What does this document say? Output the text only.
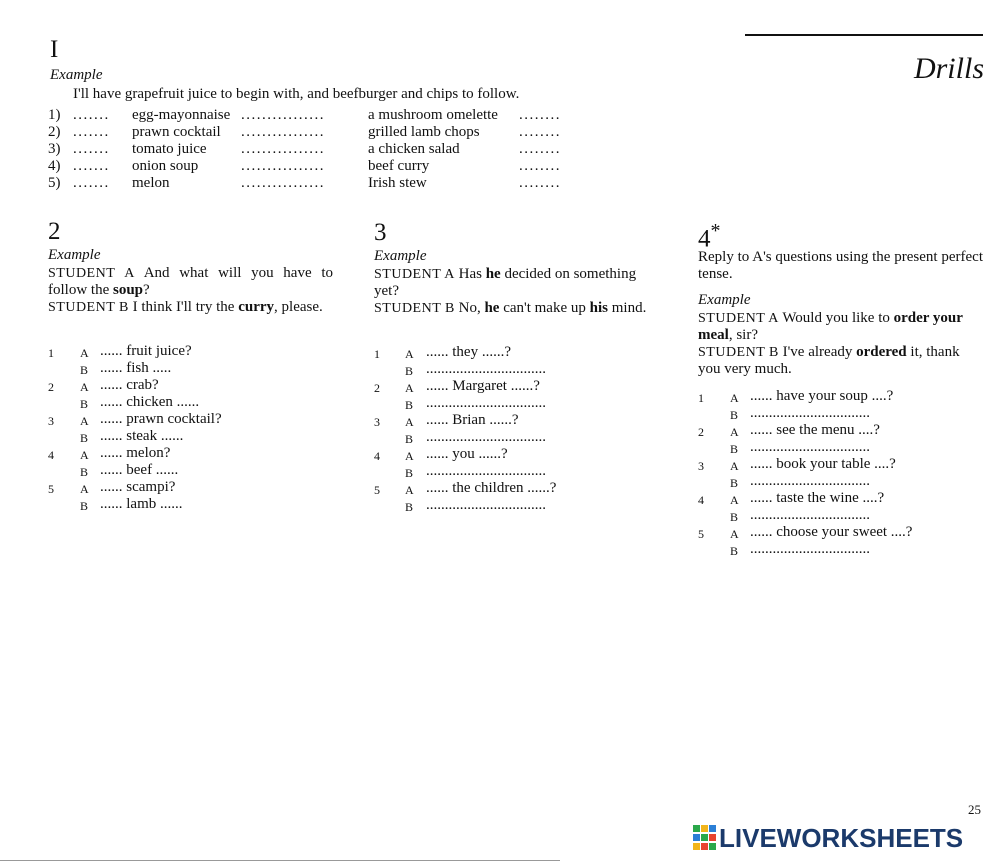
Drills
I
Example
I'll have grapefruit juice to begin with, and beefburger and chips to follow.
1) ....... egg-mayonnaise ................	a mushroom omelette ........
2) ....... prawn cocktail ................	grilled lamb chops	........
3) ....... tomato juice ................	a chicken salad	........
4) ....... onion soup	................	beef curry	........
5) ....... melon	................	Irish stew	........
2
Example
STUDENT A And what will you have to follow the soup?
STUDENT B I think I'll try the curry, please.
1 A ...... fruit juice?
B ...... fish .....
2 A ...... crab?
B ...... chicken ......
3 A ...... prawn cocktail?
B ...... steak ......
4 A ...... melon?
B ...... beef ......
5 A ...... scampi?
B ...... lamb ......
3
Example
STUDENT A Has he decided on something yet?
STUDENT B No, he can't make up his mind.
1 A ...... they ......?
B ................................
2 A ...... Margaret ......?
B ................................
3 A ...... Brian ......?
B ................................
4 A ...... you ......?
B ................................
5 A ...... the children ......?
B ................................
4*
Reply to A's questions using the present perfect tense.
Example
STUDENT A Would you like to order your meal, sir?
STUDENT B I've already ordered it, thank you very much.
1 A ...... have your soup ....?
B ................................
2 A ...... see the menu ....?
B ................................
3 A ...... book your table ....?
B ................................
4 A ...... taste the wine ....?
B ................................
5 A ...... choose your sweet ....?
B ................................
25
LIVEWORKSHEETS
